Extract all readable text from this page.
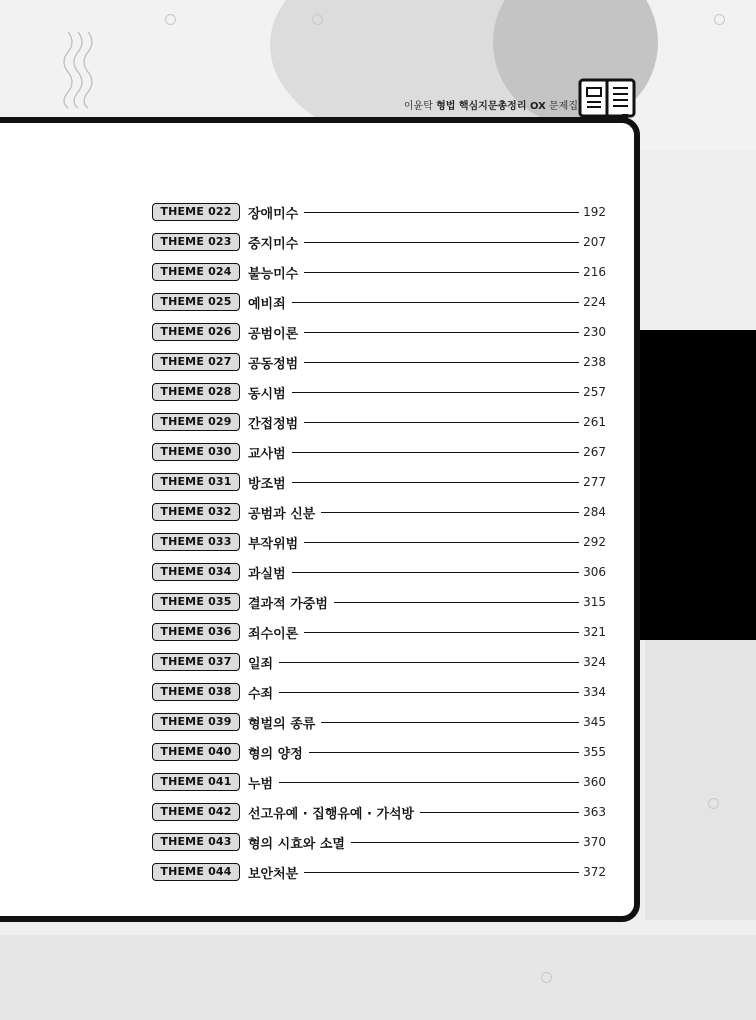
이윤탁 형법 핵심지문총정리 OX 문제집
THEME 022	장애미수	192
THEME 023	중지미수	207
THEME 024	불능미수	216
THEME 025	예비죄	224
THEME 026	공범이론	230
THEME 027	공동정범	238
THEME 028	동시범	257
THEME 029	간접정범	261
THEME 030	교사범	267
THEME 031	방조범	277
THEME 032	공범과 신분	284
THEME 033	부작위범	292
THEME 034	과실범	306
THEME 035	결과적 가중범	315
THEME 036	죄수이론	321
THEME 037	일죄	324
THEME 038	수죄	334
THEME 039	형벌의 종류	345
THEME 040	형의 양정	355
THEME 041	누범	360
THEME 042	선고유예 · 집행유예 · 가석방	363
THEME 043	형의 시효와 소멸	370
THEME 044	보안처분	372
